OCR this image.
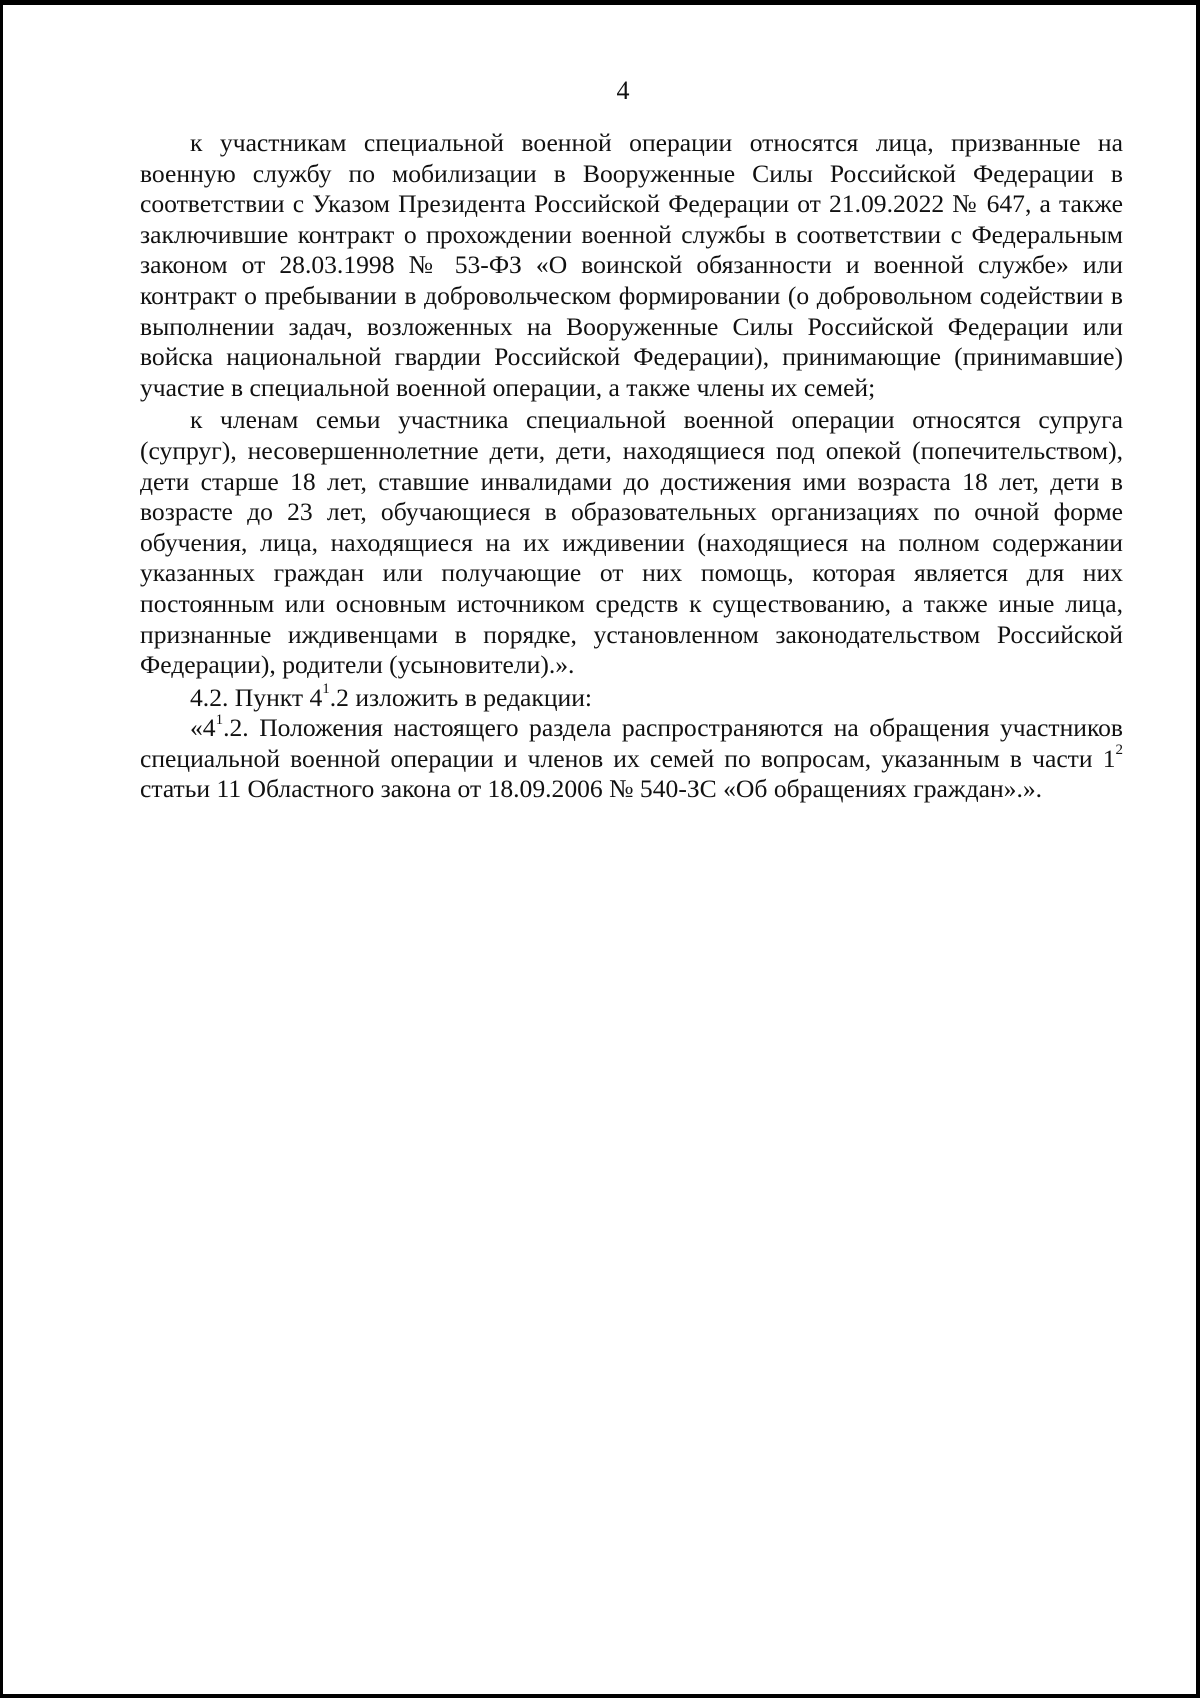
4

к участникам специальной военной операции относятся лица, призванные на военную службу по мобилизации в Вооруженные Силы Российской Федерации в соответствии с Указом Президента Российской Федерации от 21.09.2022 № 647, а также заключившие контракт о прохождении военной службы в соответствии с Федеральным законом от 28.03.1998 № 53-ФЗ «О воинской обязанности и военной службе» или контракт о пребывании в добровольческом формировании (о добровольном содействии в выполнении задач, возложенных на Вооруженные Силы Российской Федерации или войска национальной гвардии Российской Федерации), принимающие (принимавшие) участие в специальной военной операции, а также члены их семей;

к членам семьи участника специальной военной операции относятся супруга (супруг), несовершеннолетние дети, дети, находящиеся под опекой (попечительством), дети старше 18 лет, ставшие инвалидами до достижения ими возраста 18 лет, дети в возрасте до 23 лет, обучающиеся в образовательных организациях по очной форме обучения, лица, находящиеся на их иждивении (находящиеся на полном содержании указанных граждан или получающие от них помощь, которая является для них постоянным или основным источником средств к существованию, а также иные лица, признанные иждивенцами в порядке, установленном законодательством Российской Федерации), родители (усыновители).».

4.2. Пункт $4^1.2$ изложить в редакции:

«$4^1.2$. Положения настоящего раздела распространяются на обращения участников специальной военной операции и членов их семей по вопросам, указанным в части $1^2$ статьи 11 Областного закона от 18.09.2006 № 540-ЗС «Об обращениях граждан».».
